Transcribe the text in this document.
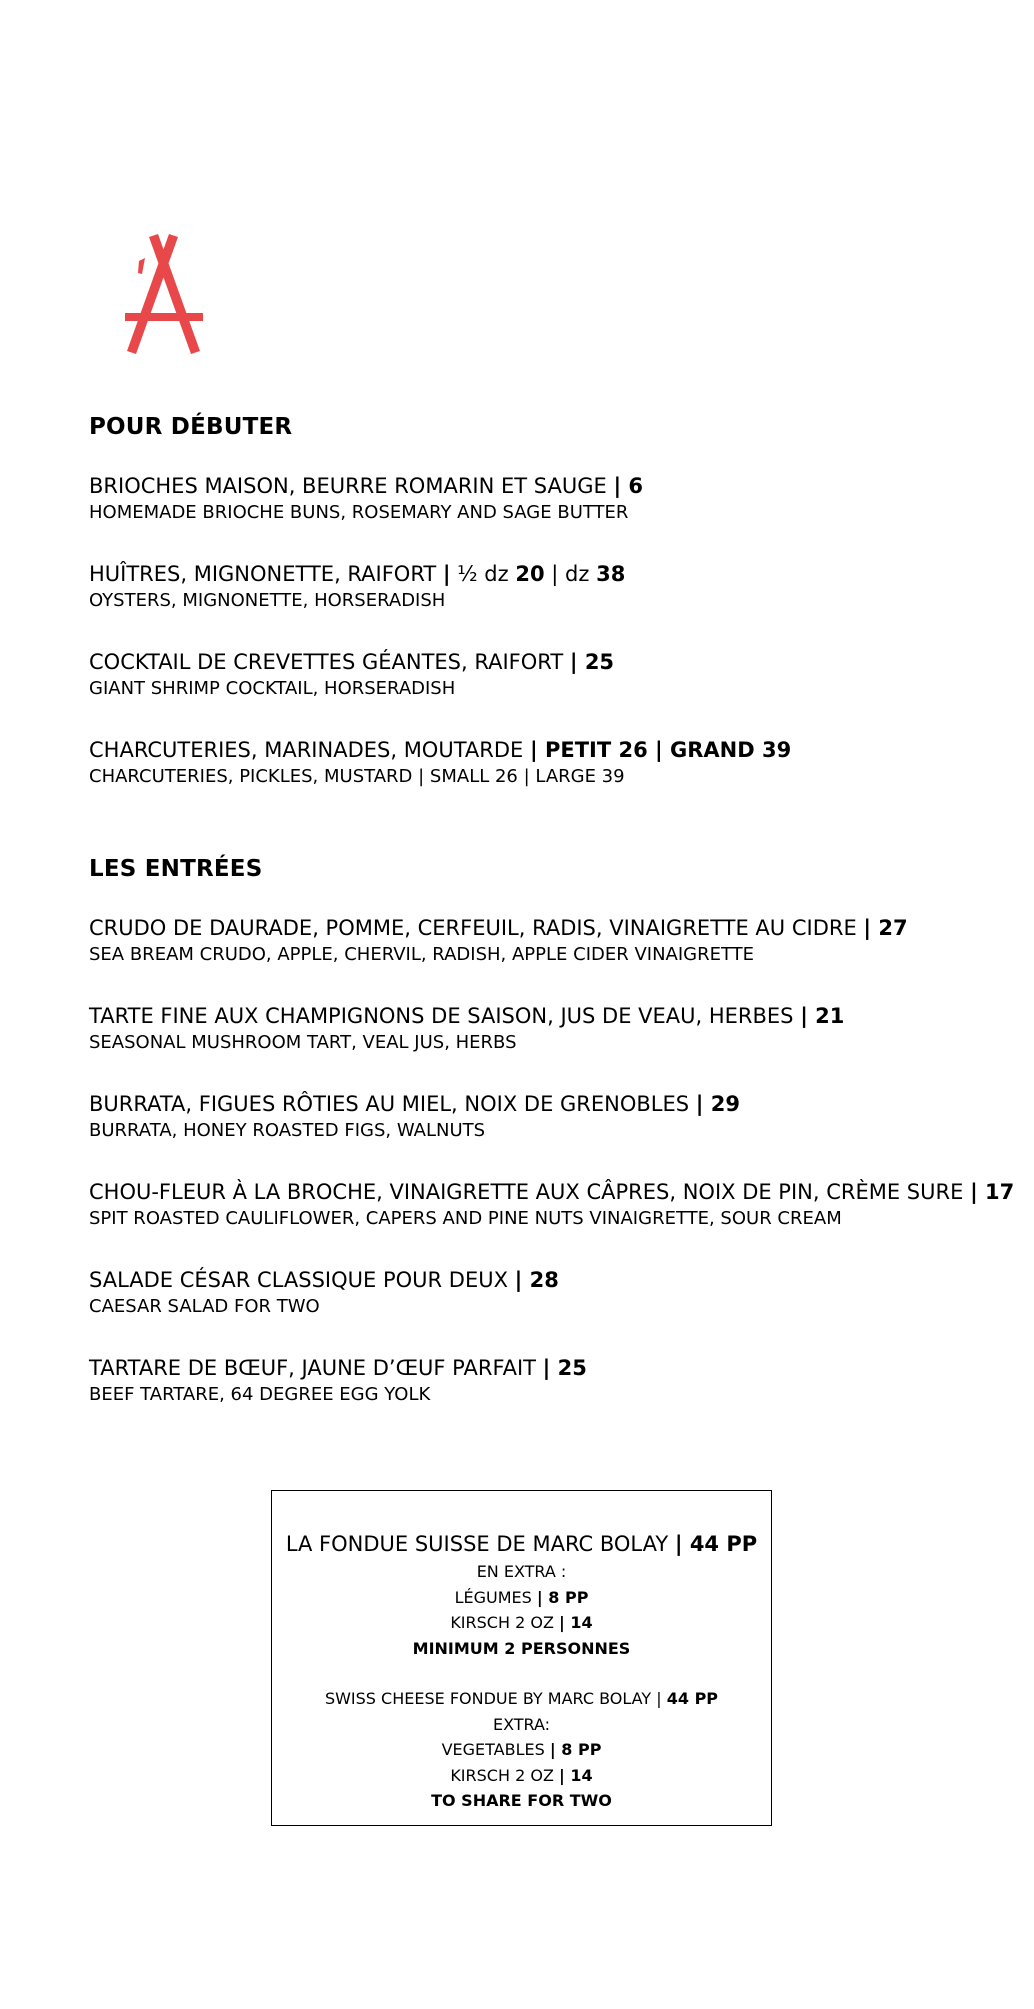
POUR DÉBUTER
BRIOCHES MAISON, BEURRE ROMARIN ET SAUGE | 6
HOMEMADE BRIOCHE BUNS, ROSEMARY AND SAGE BUTTER
HUÎTRES, MIGNONETTE, RAIFORT | ½ dz 20 | dz 38
OYSTERS, MIGNONETTE, HORSERADISH
COCKTAIL DE CREVETTES GÉANTES, RAIFORT | 25
GIANT SHRIMP COCKTAIL, HORSERADISH
CHARCUTERIES, MARINADES, MOUTARDE | PETIT 26 | GRAND 39
CHARCUTERIES, PICKLES, MUSTARD | SMALL 26 | LARGE 39
LES ENTRÉES
CRUDO DE DAURADE, POMME, CERFEUIL, RADIS, VINAIGRETTE AU CIDRE | 27
SEA BREAM CRUDO, APPLE, CHERVIL, RADISH, APPLE CIDER VINAIGRETTE
TARTE FINE AUX CHAMPIGNONS DE SAISON, JUS DE VEAU, HERBES | 21
SEASONAL MUSHROOM TART, VEAL JUS, HERBS
BURRATA, FIGUES RÔTIES AU MIEL, NOIX DE GRENOBLES | 29
BURRATA, HONEY ROASTED FIGS, WALNUTS
CHOU-FLEUR À LA BROCHE, VINAIGRETTE AUX CÂPRES, NOIX DE PIN, CRÈME SURE | 17
SPIT ROASTED CAULIFLOWER, CAPERS AND PINE NUTS VINAIGRETTE, SOUR CREAM
SALADE CÉSAR CLASSIQUE POUR DEUX | 28
CAESAR SALAD FOR TWO
TARTARE DE BŒUF, JAUNE D’ŒUF PARFAIT | 25
BEEF TARTARE, 64 DEGREE EGG YOLK
LA FONDUE SUISSE DE MARC BOLAY | 44 PP
EN EXTRA :
LÉGUMES | 8 PP
KIRSCH 2 OZ | 14
MINIMUM 2 PERSONNES
SWISS CHEESE FONDUE BY MARC BOLAY | 44 PP
EXTRA:
VEGETABLES | 8 PP
KIRSCH 2 OZ | 14
TO SHARE FOR TWO
